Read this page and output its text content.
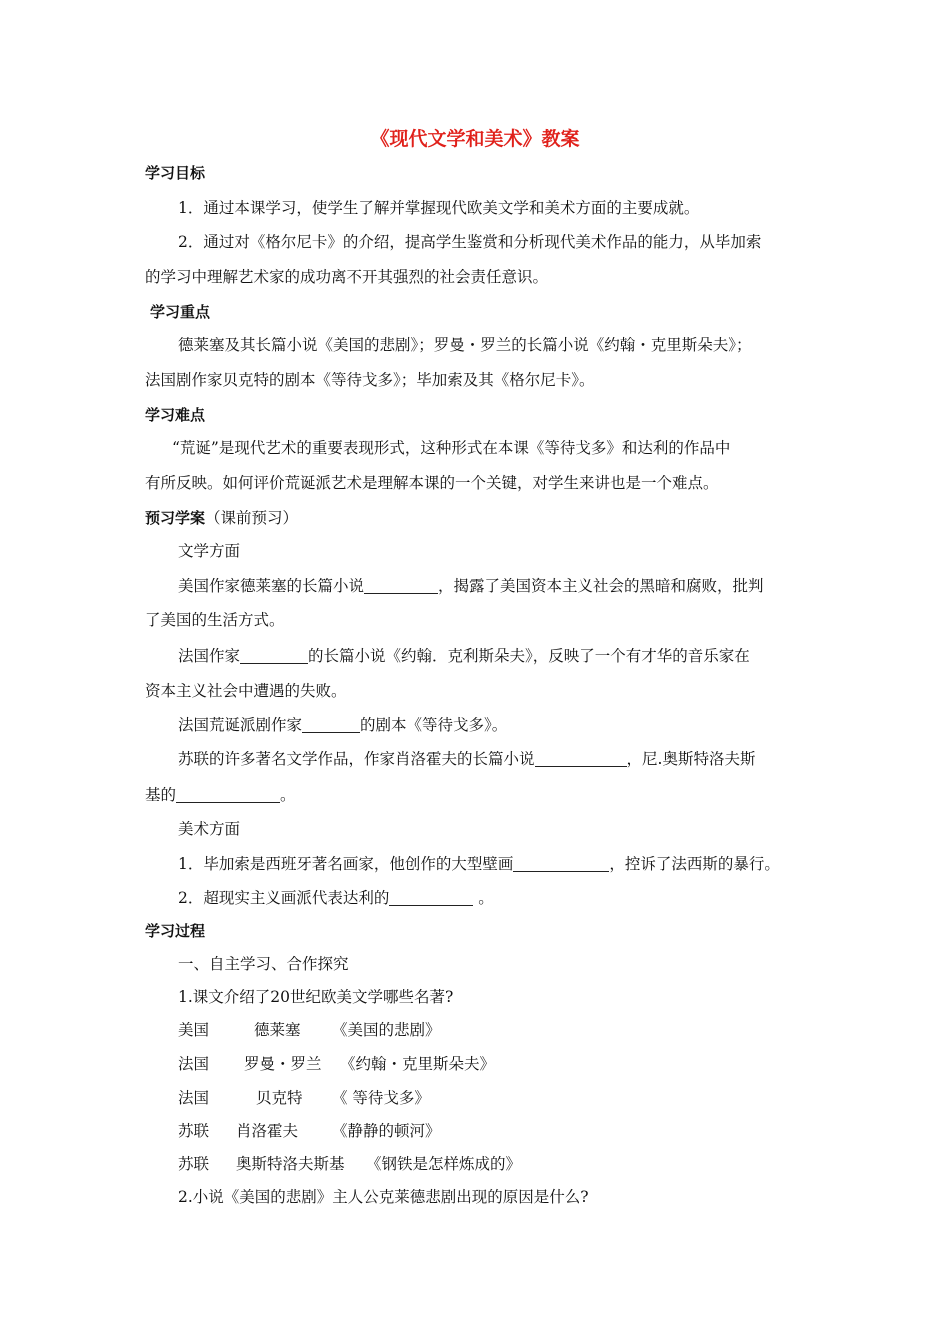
《现代文学和美术》教案
学习目标
1．通过本课学习，使学生了解并掌握现代欧美文学和美术方面的主要成就。
2．通过对《格尔尼卡》的介绍，提高学生鉴赏和分析现代美术作品的能力，从毕加索
的学习中理解艺术家的成功离不开其强烈的社会责任意识。
学习重点
德莱塞及其长篇小说《美国的悲剧》；罗曼・罗兰的长篇小说《约翰・克里斯朵夫》；
法国剧作家贝克特的剧本《等待戈多》；毕加索及其《格尔尼卡》。
学习难点
“荒诞”是现代艺术的重要表现形式，这种形式在本课《等待戈多》和达利的作品中
有所反映。如何评价荒诞派艺术是理解本课的一个关键，对学生来讲也是一个难点。
预习学案（课前预习）
文学方面
美国作家德莱塞的长篇小说	，揭露了美国资本主义社会的黑暗和腐败，批判
了美国的生活方式。
法国作家	的长篇小说《约翰．克利斯朵夫》，反映了一个有才华的音乐家在
资本主义社会中遭遇的失败。
法国荒诞派剧作家	的剧本《等待戈多》。
苏联的许多著名文学作品，作家肖洛霍夫的长篇小说	，尼.奥斯特洛夫斯
基的	。
美术方面
1．毕加索是西班牙著名画家，他创作的大型壁画	，控诉了法西斯的暴行。
2．超现实主义画派代表达利的	。
学习过程
一、自主学习、合作探究
1.课文介绍了20世纪欧美文学哪些名著?
美国	德莱塞 《美国的悲剧》
法国 罗曼・罗兰 《约翰・克里斯朵夫》
法国	贝克特 《 等待戈多》
苏联 肖洛霍夫 《静静的顿河》
苏联 奥斯特洛夫斯基 《钢铁是怎样炼成的》
2.小说《美国的悲剧》主人公克莱德悲剧出现的原因是什么?
